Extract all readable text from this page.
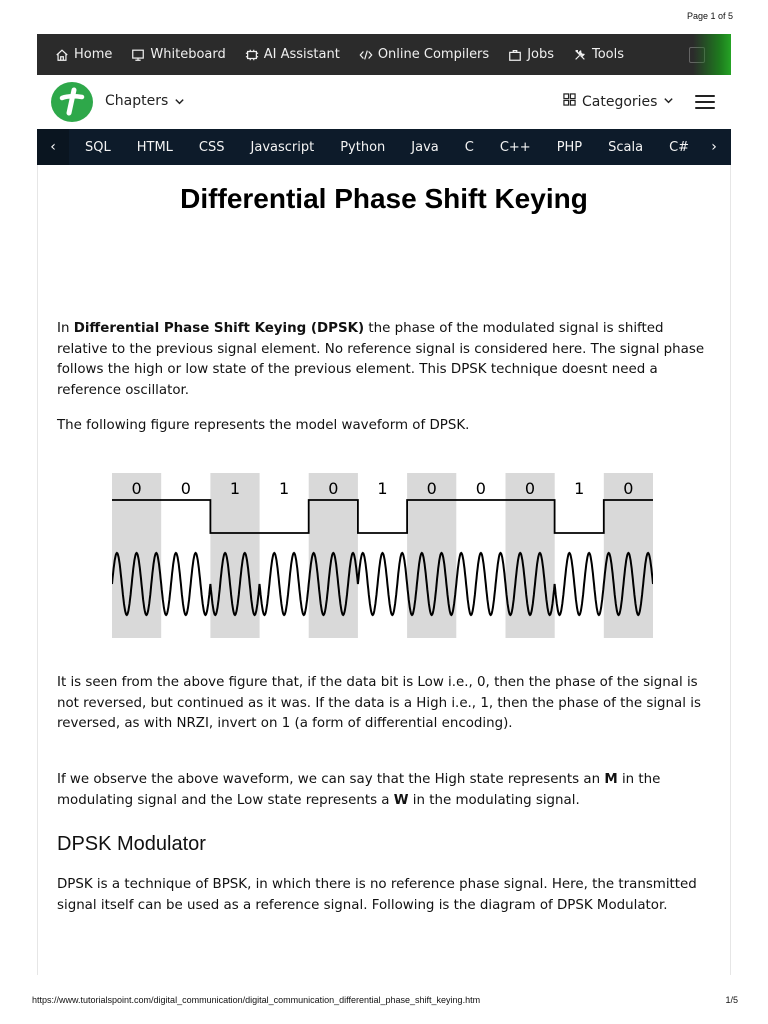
Page 1 of 5
Home	Whiteboard	AI Assistant	Online Compilers	Jobs	Tools
Chapters	Categories
‹	SQL HTML CSS Javascript Python Java C C++ PHP Scala C#	›
Differential Phase Shift Keying

In Differential Phase Shift Keying (DPSK) the phase of the modulated signal is shifted relative to the previous signal element. No reference signal is considered here. The signal phase follows the high or low state of the previous element. This DPSK technique doesnt need a reference oscillator.

The following figure represents the model waveform of DPSK.

0 0 1 1 0 1 0 0 0 1 0

It is seen from the above figure that, if the data bit is Low i.e., 0, then the phase of the signal is not reversed, but continued as it was. If the data is a High i.e., 1, then the phase of the signal is reversed, as with NRZI, invert on 1 (a form of differential encoding).

If we observe the above waveform, we can say that the High state represents an M in the modulating signal and the Low state represents a W in the modulating signal.

DPSK Modulator

DPSK is a technique of BPSK, in which there is no reference phase signal. Here, the transmitted signal itself can be used as a reference signal. Following is the diagram of DPSK Modulator.

https://www.tutorialspoint.com/digital_communication/digital_communication_differential_phase_shift_keying.htm	1/5
